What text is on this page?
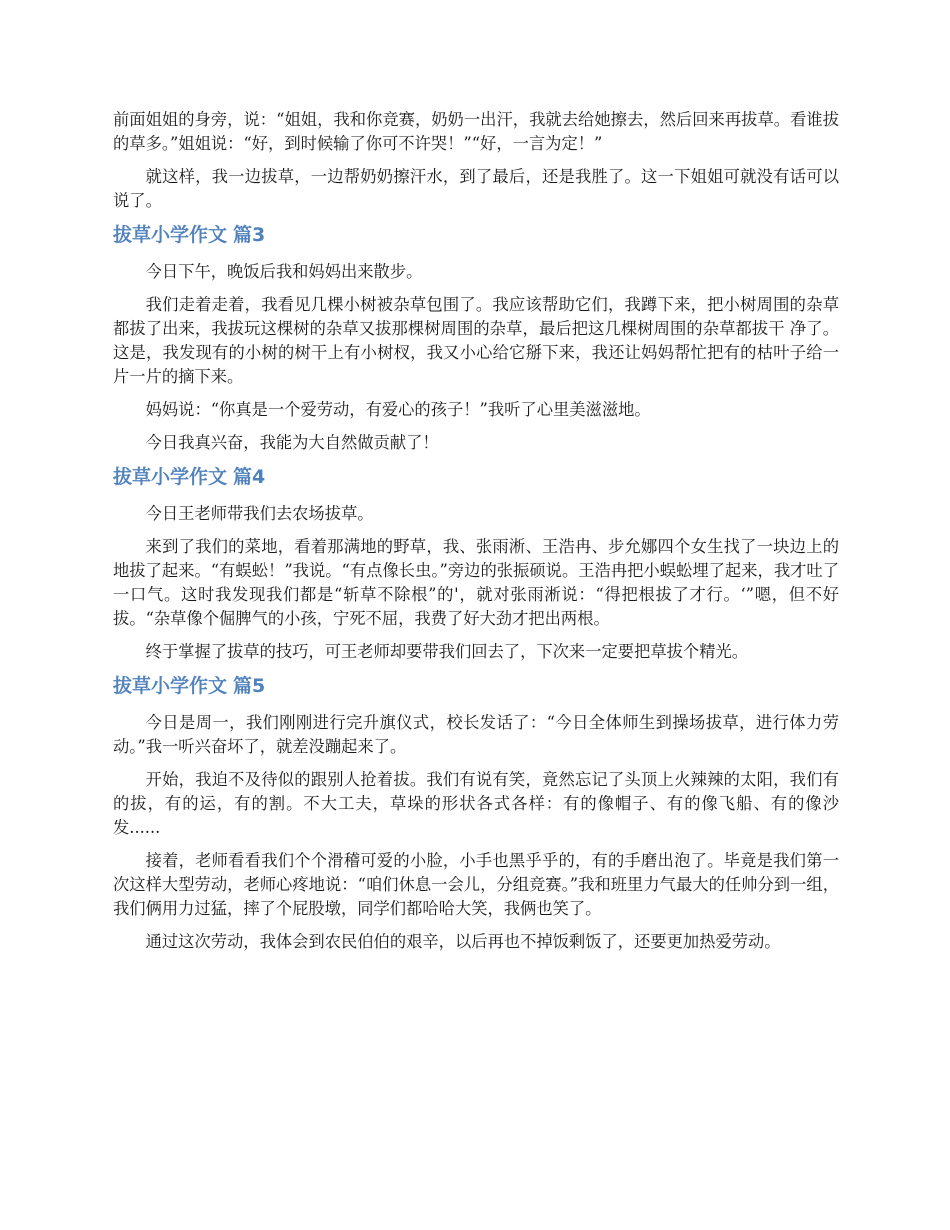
前面姐姐的身旁，说：“姐姐，我和你竞赛，奶奶一出汗，我就去给她擦去，然后回来再拔草。看谁拔的草多。”姐姐说：“好，到时候输了你可不许哭！”“好，一言为定！”

就这样，我一边拔草，一边帮奶奶擦汗水，到了最后，还是我胜了。这一下姐姐可就没有话可以说了。

拔草小学作文 篇3

今日下午，晚饭后我和妈妈出来散步。

我们走着走着，我看见几棵小树被杂草包围了。我应该帮助它们，我蹲下来，把小树周围的杂草都拔了出来，我拔玩这棵树的杂草又拔那棵树周围的杂草，最后把这几棵树周围的杂草都拔干 净了。这是，我发现有的小树的树干上有小树杈，我又小心给它掰下来，我还让妈妈帮忙把有的枯叶子给一片一片的摘下来。

妈妈说：“你真是一个爱劳动，有爱心的孩子！”我听了心里美滋滋地。

今日我真兴奋，我能为大自然做贡献了！

拔草小学作文 篇4

今日王老师带我们去农场拔草。

来到了我们的菜地，看着那满地的野草，我、张雨淅、王浩冉、步允娜四个女生找了一块边上的地拔了起来。“有蜈蚣！”我说。“有点像长虫。”旁边的张振硕说。王浩冉把小蜈蚣埋了起来，我才吐了一口气。这时我发现我们都是“斩草不除根”的'，就对张雨淅说：“得把根拔了才行。‘”嗯，但不好拔。“杂草像个倔脾气的小孩，宁死不屈，我费了好大劲才把出两根。

终于掌握了拔草的技巧，可王老师却要带我们回去了，下次来一定要把草拔个精光。

拔草小学作文 篇5

今日是周一，我们刚刚进行完升旗仪式，校长发话了：“今日全体师生到操场拔草，进行体力劳动。”我一听兴奋坏了，就差没蹦起来了。

开始，我迫不及待似的跟别人抢着拔。我们有说有笑，竟然忘记了头顶上火辣辣的太阳，我们有的拔，有的运，有的割。不大工夫，草垛的形状各式各样：有的像帽子、有的像飞船、有的像沙发......

接着，老师看看我们个个滑稽可爱的小脸，小手也黑乎乎的，有的手磨出泡了。毕竟是我们第一次这样大型劳动，老师心疼地说：“咱们休息一会儿，分组竞赛。”我和班里力气最大的任帅分到一组，我们俩用力过猛，摔了个屁股墩，同学们都哈哈大笑，我俩也笑了。

通过这次劳动，我体会到农民伯伯的艰辛，以后再也不掉饭剩饭了，还要更加热爱劳动。
